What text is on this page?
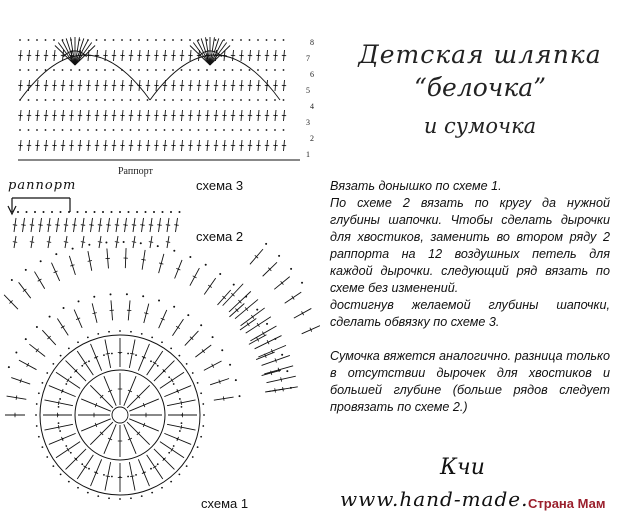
Раппорт
схема 3
раппорт
схема 2
схема 1
1
2
3
4
5
6
7
8	Детская шляпка
“белочка”
и сумочка

Вязать донышко по схеме 1.

По схеме 2 вязать по кругу да нужной глубины шапочки. Чтобы сделать дырочки для хвостиков, заменить во втором ряду 2 раппорта на 12 воздушных петель для каждой дырочки. следующий ряд вязать по схеме без изменений.

достигнув желаемой глубины шапочки, сделать обвязку по схеме 3.

Сумочка вяжется аналогично. разница только в отсутствии дырочек для хвостиков и большей глубине (больше рядов следует провязать по схеме 2.)

Кчи
www.hand-made. Страна Мам
